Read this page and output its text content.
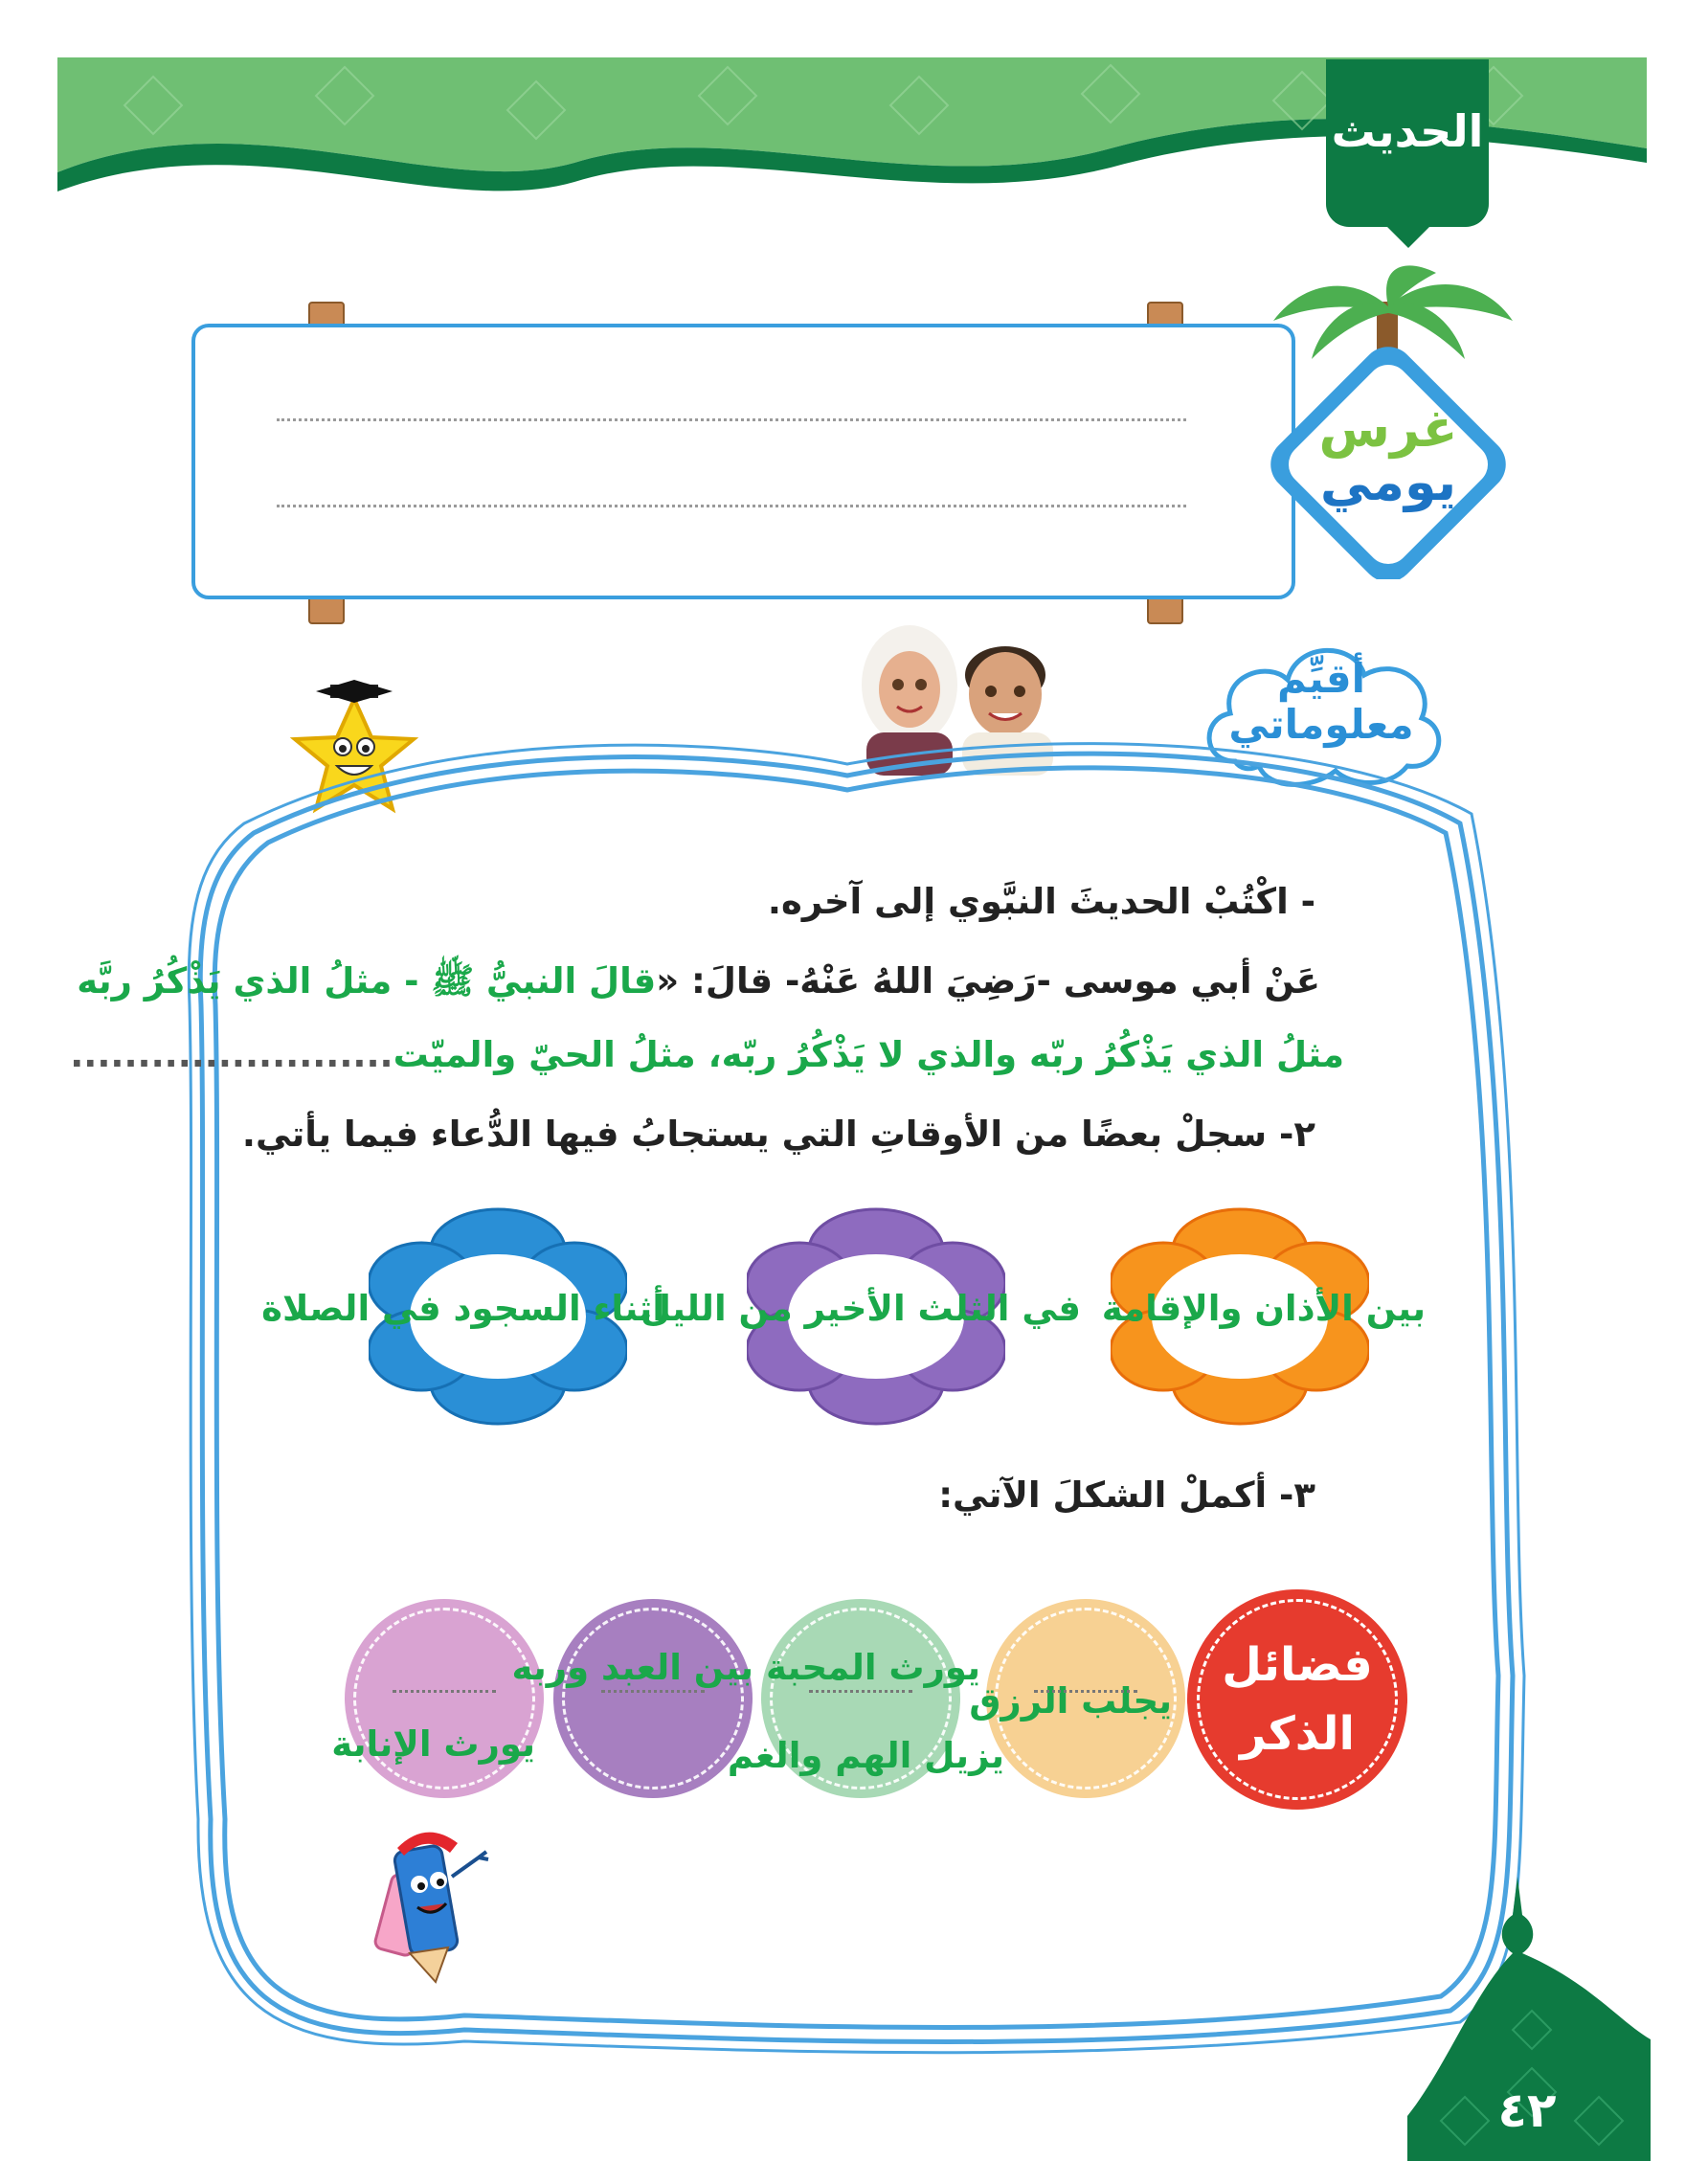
الحديث
غرس
يومي
أقيِّم
معلوماتي
- اكْتُبْ الحديثَ النبَّوي إلى آخره.
عَنْ أبي موسى -رَضِيَ اللهُ عَنْهُ- قالَ: «قالَ النبيُّ ﷺ - مثلُ الذي يَذْكُرُ ربَّه
مثلُ الذي يَذْكُرُ ربّه والذي لا يَذْكُرُ ربّه، مثلُ الحيّ والميّت........................
٢- سجلْ بعضًا من الأوقاتِ التي يستجابُ فيها الدُّعاء فيما يأتي.
بين الأذان والإقامة
في الثلث الأخير من الليل
أثناء السجود في الصلاة
٣- أكملْ الشكلَ الآتي:
فضائل
الذكر
يجلب الرزق
يورث المحبة بين العبد وربه
يزيل الهم والغم
يورث الإنابة
٤٢
